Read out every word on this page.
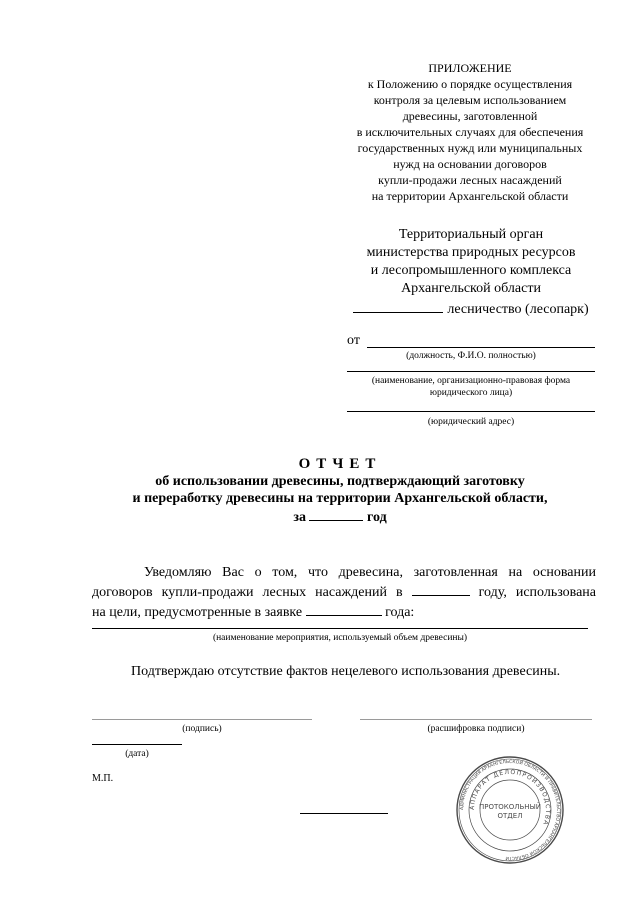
ПРИЛОЖЕНИЕ
к Положению о порядке осуществления
контроля за целевым использованием
древесины, заготовленной
в исключительных случаях для обеспечения
государственных нужд или муниципальных
нужд на основании договоров
купли-продажи лесных насаждений
на территории Архангельской области
Территориальный орган
министерства природных ресурсов
и лесопромышленного комплекса
Архангельской области
лесничество (лесопарк)
от
(должность, Ф.И.О. полностью)
(наименование, организационно-правовая форма
юридического лица)
(юридический адрес)
ОТЧЕТ
об использовании древесины, подтверждающий заготовку
и переработку древесины на территории Архангельской области,
за	год
Уведомляю Вас о том, что древесина, заготовленная на основании
договоров купли-продажи лесных насаждений в	году, использована
на цели, предусмотренные в заявке	года:
(наименование мероприятия, используемый объем древесины)
Подтверждаю отсутствие фактов нецелевого использования древесины.
(подпись)	(расшифровка подписи)
(дата)
М.П.
АДМИНИСТРАЦИЯ АРХАНГЕЛЬСКОЙ ОБЛАСТИ И ПРАВИТЕЛЬСТВО АРХАНГЕЛЬСКОЙ ОБЛАСТИ
АППАРАТ ДЕЛОПРОИЗВОДСТВА
ПРОТОКОЛЬНЫЙ
ОТДЕЛ
